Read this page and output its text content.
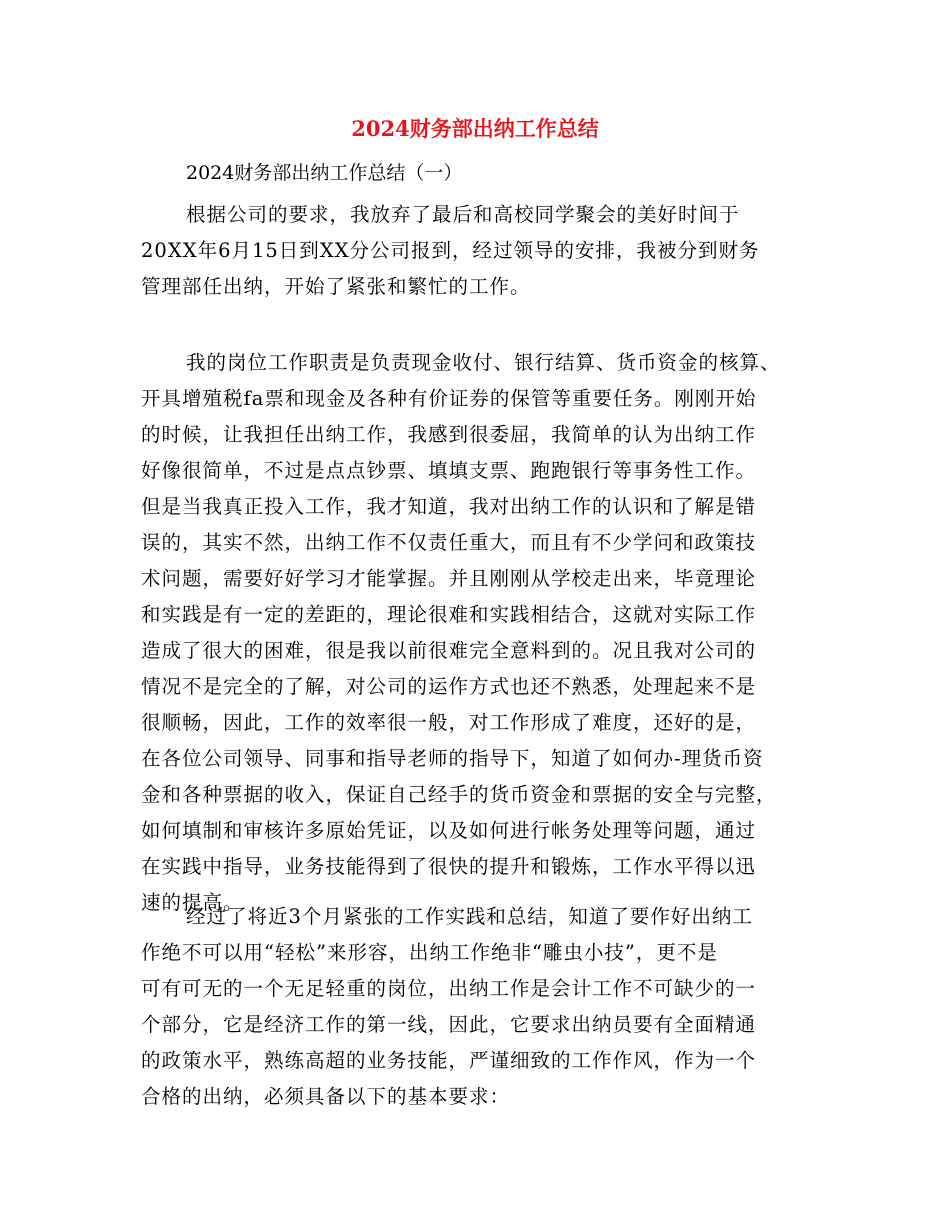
2024财务部出纳工作总结
2024财务部出纳工作总结（一）
根据公司的要求，我放弃了最后和高校同学聚会的美好时间于
20XX年6月15日到XX分公司报到，经过领导的安排，我被分到财务
管理部任出纳，开始了紧张和繁忙的工作。
我的岗位工作职责是负责现金收付、银行结算、货币资金的核算、
开具增殖税fa票和现金及各种有价证券的保管等重要任务。刚刚开始
的时候，让我担任出纳工作，我感到很委屈，我简单的认为出纳工作
好像很简单，不过是点点钞票、填填支票、跑跑银行等事务性工作。
但是当我真正投入工作，我才知道，我对出纳工作的认识和了解是错
误的，其实不然，出纳工作不仅责任重大，而且有不少学问和政策技
术问题，需要好好学习才能掌握。并且刚刚从学校走出来，毕竟理论
和实践是有一定的差距的，理论很难和实践相结合，这就对实际工作
造成了很大的困难，很是我以前很难完全意料到的。况且我对公司的
情况不是完全的了解，对公司的运作方式也还不熟悉，处理起来不是
很顺畅，因此，工作的效率很一般，对工作形成了难度，还好的是，
在各位公司领导、同事和指导老师的指导下，知道了如何办-理货币资
金和各种票据的收入，保证自己经手的货币资金和票据的安全与完整，
如何填制和审核许多原始凭证，以及如何进行帐务处理等问题，通过
在实践中指导，业务技能得到了很快的提升和锻炼，工作水平得以迅
速的提高。
经过了将近3个月紧张的工作实践和总结，知道了要作好出纳工
作绝不可以用“轻松”来形容，出纳工作绝非“雕虫小技”，更不是
可有可无的一个无足轻重的岗位，出纳工作是会计工作不可缺少的一
个部分，它是经济工作的第一线，因此，它要求出纳员要有全面精通
的政策水平，熟练高超的业务技能，严谨细致的工作作风，作为一个
合格的出纳，必须具备以下的基本要求：
